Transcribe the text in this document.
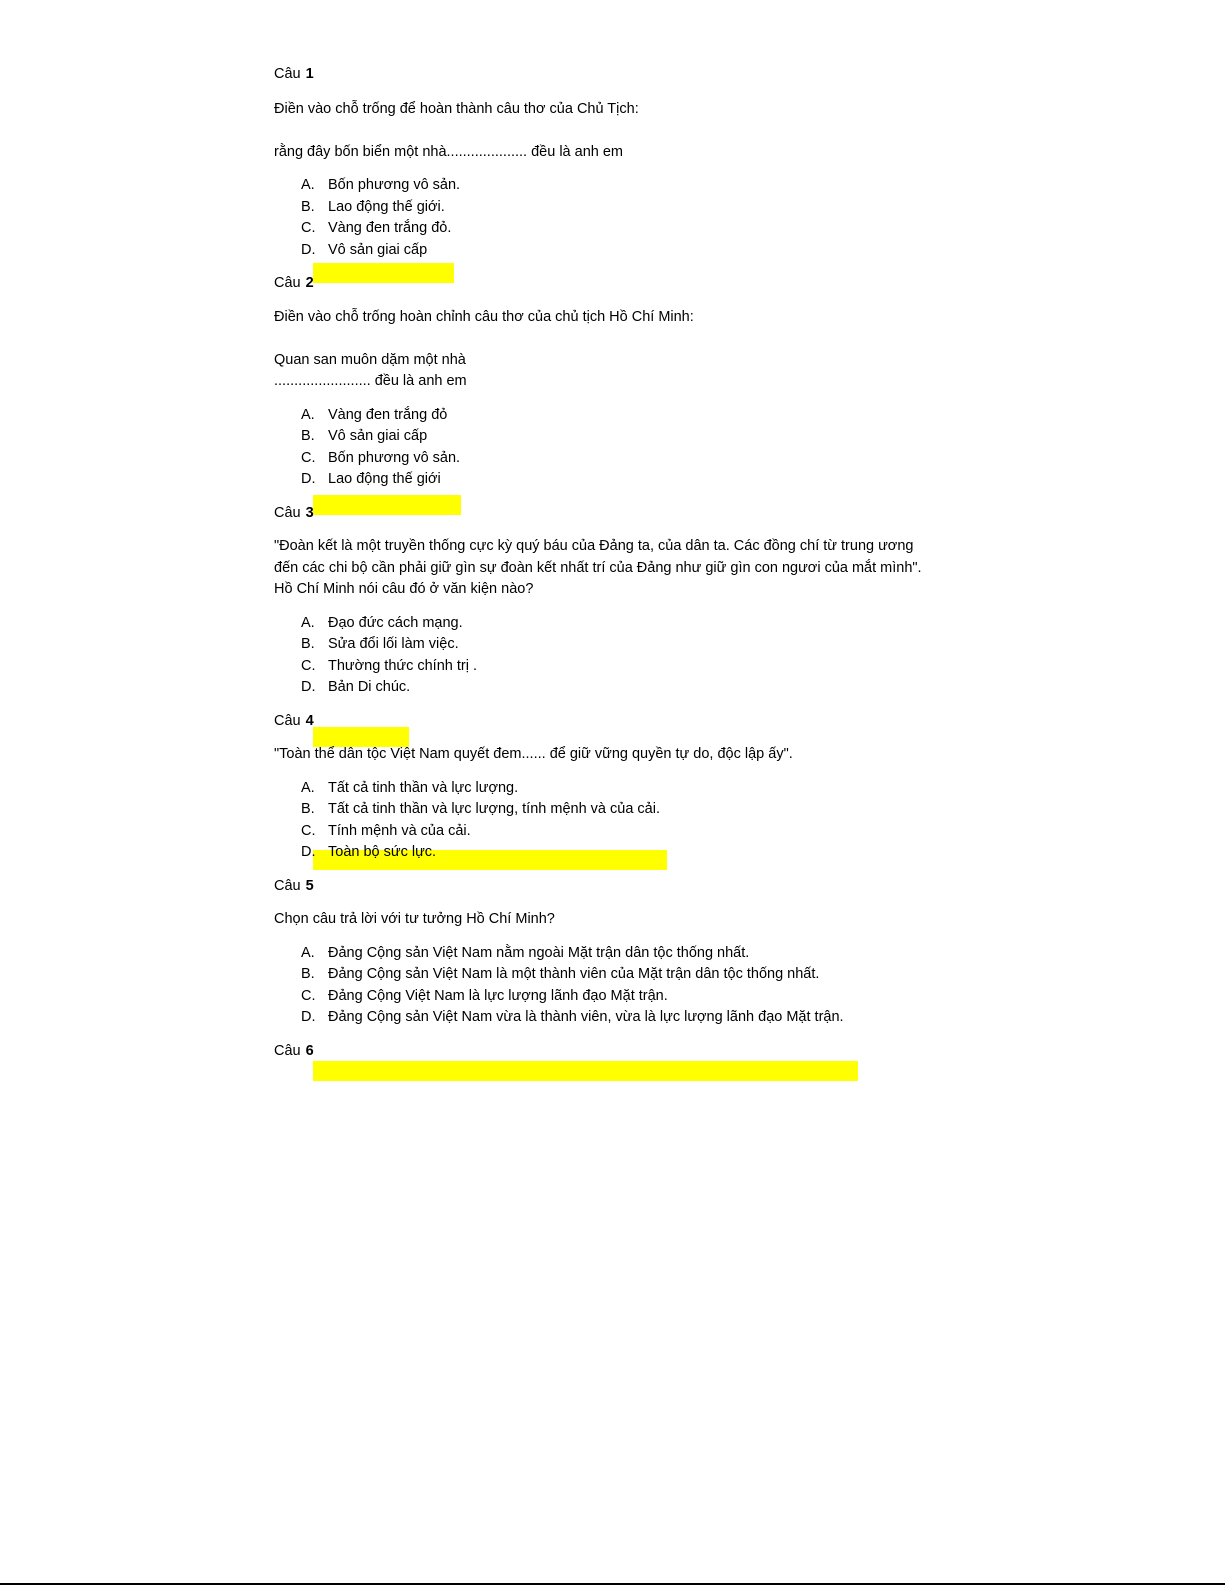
Câu 1
Điền vào chỗ trống để hoàn thành câu thơ của Chủ Tịch:
rằng đây bốn biển một nhà.................... đều là anh em
A. Bốn phương vô sản.
B. Lao động thế giới.
C. Vàng đen trắng đỏ.
D. Vô sản giai cấp
Câu 2
Điền vào chỗ trống hoàn chỉnh câu thơ của chủ tịch Hồ Chí Minh:
Quan san muôn dặm một nhà
........................ đều là anh em
A. Vàng đen trắng đỏ
B. Vô sản giai cấp
C. Bốn phương vô sản.
D. Lao động thế giới
Câu 3
"Đoàn kết là một truyền thống cực kỳ quý báu của Đảng ta, của dân ta. Các đồng chí từ trung ương
đến các chi bộ cần phải giữ gìn sự đoàn kết nhất trí của Đảng như giữ gìn con ngươi của mắt mình".
Hồ Chí Minh nói câu đó ở văn kiện nào?
A. Đạo đức cách mạng.
B. Sửa đổi lối làm việc.
C. Thường thức chính trị .
D. Bản Di chúc.
Câu 4
"Toàn thể dân tộc Việt Nam quyết đem...... để giữ vững quyền tự do, độc lập ấy".
A. Tất cả tinh thần và lực lượng.
B. Tất cả tinh thần và lực lượng, tính mệnh và của cải.
C. Tính mệnh và của cải.
D. Toàn bộ sức lực.
Câu 5
Chọn câu trả lời với tư tưởng Hồ Chí Minh?
A. Đảng Cộng sản Việt Nam nằm ngoài Mặt trận dân tộc thống nhất.
B. Đảng Cộng sản Việt Nam là một thành viên của Mặt trận dân tộc thống nhất.
C. Đảng Cộng Việt Nam là lực lượng lãnh đạo Mặt trận.
D. Đảng Cộng sản Việt Nam vừa là thành viên, vừa là lực lượng lãnh đạo Mặt trận.
Câu 6
